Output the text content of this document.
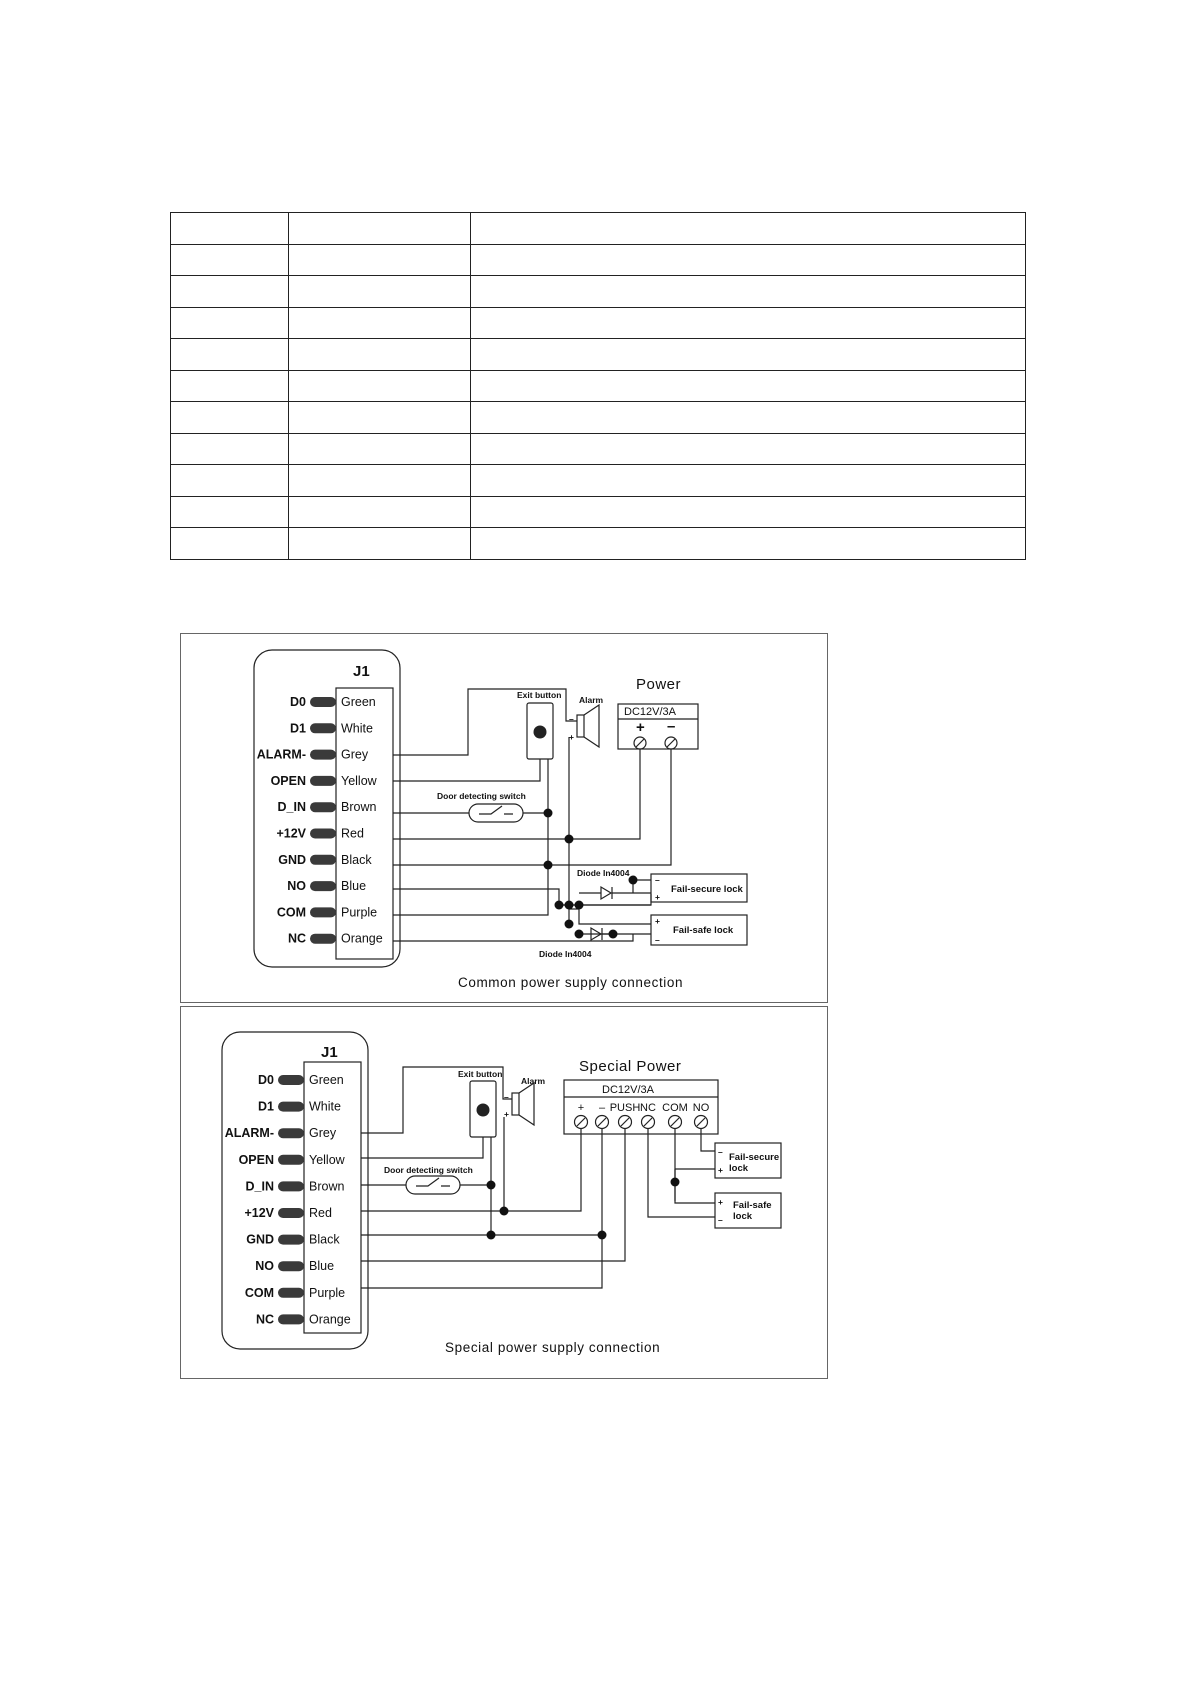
J1
D0	Green
D1	White
ALARM-	Grey
OPEN	Yellow
D_IN	Brown
+12V	Red
GND	Black
NO	Blue
COM	Purple
NC	Orange
Exit button Alarm
–
+
Power
DC12V/3A
+ –
Door detecting switch
Diode In4004
Diode In4004
Fail-secure lock
–
+
Fail-safe lock
+
–
Common power supply connection
J1
D0	Green
D1	White
ALARM-	Grey
OPEN	Yellow
D_IN	Brown
+12V	Red
GND	Black
NO	Blue
COM	Purple
NC	Orange
Exit button
Alarm
–
+
Special Power
DC12V/3A
+ – PUSH NC COM NO
Door detecting switch
–
+
Fail-secure
lock
+
–
Fail-safe
lock
Special power supply connection
